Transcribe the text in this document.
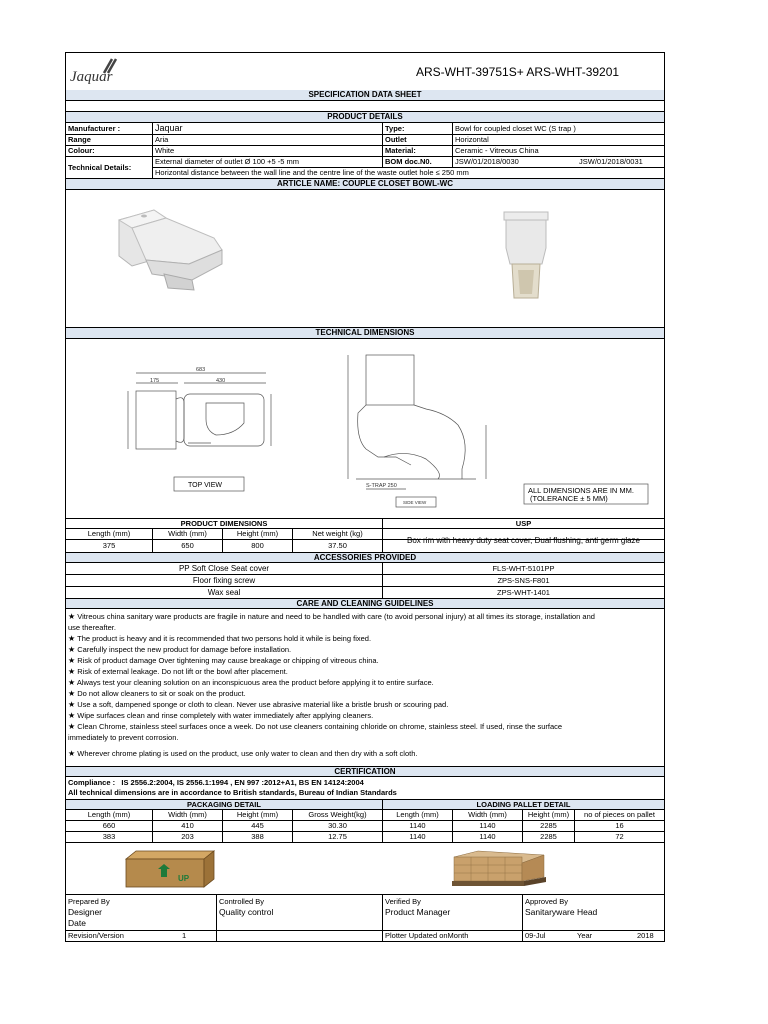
Jaquar	ARS-WHT-39751S+ ARS-WHT-39201
SPECIFICATION DATA SHEET
PRODUCT DETAILS
Manufacturer :	Jaquar	Type:	Bowl for coupled closet WC (S trap )
Range	Aria	Outlet	Horizontal
Colour:	White	Material:	Ceramic - Vitreous China
Technical Details:
External diameter of outlet Ø 100 +5 -5 mm	BOM doc.N0.	JSW/01/2018/0030	JSW/01/2018/0031
Horizontal distance between the wall line and the centre line of the waste outlet hole ≤ 250 mm
ARTICLE NAME: COUPLE CLOSET BOWL-WC
TECHNICAL DIMENSIONS
683
175	430
S-TRAP 250
SIDE VIEW
TOP VIEW
ALL DIMENSIONS ARE IN MM.
(TOLERANCE ± 5 MM)
PRODUCT DIMENSIONS	USP
Length (mm)	Width (mm)	Height (mm)	Net weight (kg)
Box rim with heavy duty seat cover, Dual flushing, anti germ glaze
375	650	800	37.50
ACCESSORIES PROVIDED
PP Soft Close Seat cover	FLS-WHT-5101PP
Floor fixing screw	ZPS-SNS-F801
Wax seal	ZPS-WHT-1401
CARE AND CLEANING GUIDELINES
★ Vitreous china sanitary ware products are fragile in nature and need to be handled with care (to avoid personal injury) at all times its storage, installation and
use thereafter.
★ The product is heavy and it is recommended that two persons hold it while is being fixed.
★ Carefully inspect the new product for damage before installation.
★ Risk of product damage Over tightening may cause breakage or chipping of vitreous china.
★ Risk of external leakage. Do not lift or the bowl after placement.
★ Always test your cleaning solution on an inconspicuous area the product before applying it to entire surface.
★ Do not allow cleaners to sit or soak on the product.
★ Use a soft, dampened sponge or cloth to clean. Never use abrasive material like a bristle brush or scouring pad.
★ Wipe surfaces clean and rinse completely with water immediately after applying cleaners.
★ Clean Chrome, stainless steel surfaces once a week. Do not use cleaners containing chloride on chrome, stainless steel. If used, rinse the surface
immediately to prevent corrosion.
★ Wherever chrome plating is used on the product, use only water to clean and then dry with a soft cloth.
CERTIFICATION
Compliance : IS 2556.2:2004, IS 2556.1:1994 , EN 997 :2012+A1, BS EN 14124:2004
All technical dimensions are in accordance to British standards, Bureau of Indian Standards
PACKAGING DETAIL	LOADING PALLET DETAIL
Length (mm)	Width (mm)	Height (mm)	Gross Weight(kg)	Length (mm)	Width (mm)	Height (mm)	no of pieces on pallet
660	410	445	30.30	1140	1140	2285	16
383	203	388	12.75	1140	1140	2285	72
UP
Prepared By
Designer
Date
Controlled By
Quality control
Verified By
Product Manager
Approved By
Sanitaryware Head
Revision/Version	1	Plotter Updated onMonth	09-Jul	Year	2018
